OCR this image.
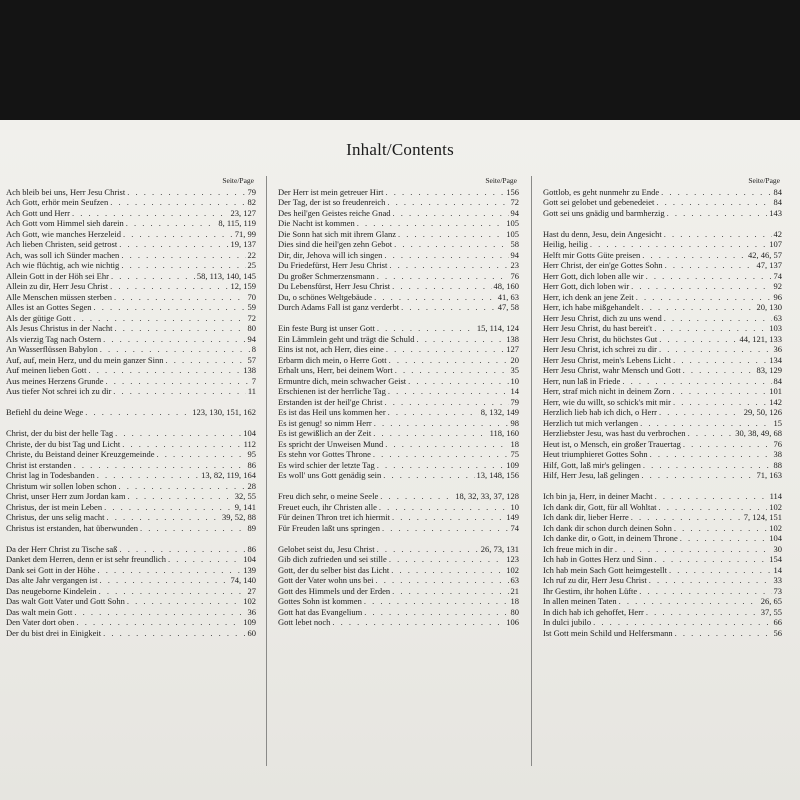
Inhalt/Contents
Seite/Page
Ach bleib bei uns, Herr Jesu Christ . . .	79
Ach Gott, erhör mein Seufzen . . .	82
Ach Gott und Herr . . .	23, 127
Ach Gott vom Himmel sieh darein . . .	8, 115, 119
Ach Gott, wie manches Herzeleid . . .	71, 99
Ach lieben Christen, seid getrost . . .	19, 137
Ach, was soll ich Sünder machen . . .	22
Ach wie flüchtig, ach wie nichtig . . .	25
Allein Gott in der Höh sei Ehr . . .	58, 113, 140, 145
Allein zu dir, Herr Jesu Christ . . .	12, 159
Alle Menschen müssen sterben . . .	70
Alles ist an Gottes Segen . . .	59
Als der gütige Gott . . .	72
Als Jesus Christus in der Nacht . . .	80
Als vierzig Tag nach Ostern . . .	94
An Wasserflüssen Babylon . . .	8
Auf, auf, mein Herz, und du mein ganzer Sinn . . .	57
Auf meinen lieben Gott . . .	138
Aus meines Herzens Grunde . . .	7
Aus tiefer Not schrei ich zu dir . . .	11
Befiehl du deine Wege . . .	123, 130, 151, 162
Christ, der du bist der helle Tag . . .	104
Christe, der du bist Tag und Licht . . .	112
Christe, du Beistand deiner Kreuzgemeinde . . .	95
Christ ist erstanden . . .	86
Christ lag in Todesbanden . . .	13, 82, 119, 164
Christum wir sollen loben schon . . .	28
Christ, unser Herr zum Jordan kam . . .	32, 55
Christus, der ist mein Leben . . .	9, 141
Christus, der uns selig macht . . .	39, 52, 88
Christus ist erstanden, hat überwunden . . .	89
Da der Herr Christ zu Tische saß . . .	86
Danket dem Herren, denn er ist sehr freundlich . . .	104
Dank sei Gott in der Höhe . . .	139
Das alte Jahr vergangen ist . . .	74, 140
Das neugeborne Kindelein . . .	27
Das walt Gott Vater und Gott Sohn . . .	102
Das walt mein Gott . . .	36
Den Vater dort oben . . .	109
Der du bist drei in Einigkeit . . .	60
Seite/Page
Der Herr ist mein getreuer Hirt . . .	156
Der Tag, der ist so freudenreich . . .	72
Des heil'gen Geistes reiche Gnad . . .	94
Die Nacht ist kommen . . .	105
Die Sonn hat sich mit ihrem Glanz . . .	105
Dies sind die heil'gen zehn Gebot . . .	58
Dir, dir, Jehova will ich singen . . .	94
Du Friedefürst, Herr Jesu Christ . . .	23
Du großer Schmerzensmann . . .	76
Du Lebensfürst, Herr Jesu Christ . . .	48, 160
Du, o schönes Weltgebäude . . .	41, 63
Durch Adams Fall ist ganz verderbt . . .	47, 58
Ein feste Burg ist unser Gott . . .	15, 114, 124
Ein Lämmlein geht und trägt die Schuld . . .	138
Eins ist not, ach Herr, dies eine . . .	127
Erbarm dich mein, o Herre Gott . . .	20
Erhalt uns, Herr, bei deinem Wort . . .	35
Ermuntre dich, mein schwacher Geist . . .	10
Erschienen ist der herrliche Tag . . .	14
Erstanden ist der heil'ge Christ . . .	79
Es ist das Heil uns kommen her . . .	8, 132, 149
Es ist genug! so nimm Herr . . .	98
Es ist gewißlich an der Zeit . . .	118, 160
Es spricht der Unweisen Mund . . .	18
Es stehn vor Gottes Throne . . .	75
Es wird schier der letzte Tag . . .	109
Es woll' uns Gott genädig sein . . .	13, 148, 156
Freu dich sehr, o meine Seele . . .	18, 32, 33, 37, 128
Freuet euch, ihr Christen alle . . .	10
Für deinen Thron tret ich hiermit . . .	149
Für Freuden laßt uns springen . . .	74
Gelobet seist du, Jesu Christ . . .	26, 73, 131
Gib dich zufrieden und sei stille . . .	123
Gott, der du selber bist das Licht . . .	102
Gott der Vater wohn uns bei . . .	63
Gott des Himmels und der Erden . . .	21
Gottes Sohn ist kommen . . .	18
Gott hat das Evangelium . . .	80
Gott lebet noch . . .	106
Seite/Page
Gottlob, es geht nunmehr zu Ende . . .	84
Gott sei gelobet und gebenedeiet . . .	84
Gott sei uns gnädig und barmherzig . . .	143
Hast du denn, Jesu, dein Angesicht . . .	42
Heilig, heilig . . .	107
Helft mir Gotts Güte preisen . . .	42, 46, 57
Herr Christ, der ein'ge Gottes Sohn . . .	47, 137
Herr Gott, dich loben alle wir . . .	74
Herr Gott, dich loben wir . . .	92
Herr, ich denk an jene Zeit . . .	96
Herr, ich habe mißgehandelt . . .	20, 130
Herr Jesu Christ, dich zu uns wend . . .	63
Herr Jesu Christ, du hast bereit't . . .	103
Herr Jesu Christ, du höchstes Gut . . .	44, 121, 133
Herr Jesu Christ, ich schrei zu dir . . .	36
Herr Jesu Christ, mein's Lebens Licht . . .	134
Herr Jesu Christ, wahr Mensch und Gott . . .	83, 129
Herr, nun laß in Friede . . .	84
Herr, straf mich nicht in deinem Zorn . . .	101
Herr, wie du willt, so schick's mit mir . . .	142
Herzlich lieb hab ich dich, o Herr . . .	29, 50, 126
Herzlich tut mich verlangen . . .	15
Herzliebster Jesu, was hast du verbrochen . . .	30, 38, 49, 68
Heut ist, o Mensch, ein großer Trauertag . . .	76
Heut triumphieret Gottes Sohn . . .	38
Hilf, Gott, laß mir's gelingen . . .	88
Hilf, Herr Jesu, laß gelingen . . .	71, 163
Ich bin ja, Herr, in deiner Macht . . .	114
Ich dank dir, Gott, für all Wohltat . . .	102
Ich dank dir, lieber Herre . . .	7, 124, 151
Ich dank dir schon durch deinen Sohn . . .	102
Ich danke dir, o Gott, in deinem Throne . . .	104
Ich freue mich in dir . . .	30
Ich hab in Gottes Herz und Sinn . . .	154
Ich hab mein Sach Gott heimgestellt . . .	14
Ich ruf zu dir, Herr Jesu Christ . . .	33
Ihr Gestirn, ihr hohen Lüfte . . .	73
In allen meinen Taten . . .	26, 65
In dich hab ich gehoffet, Herr . . .	37, 55
In dulci jubilo . . .	66
Ist Gott mein Schild und Helfersmann . . .	56
